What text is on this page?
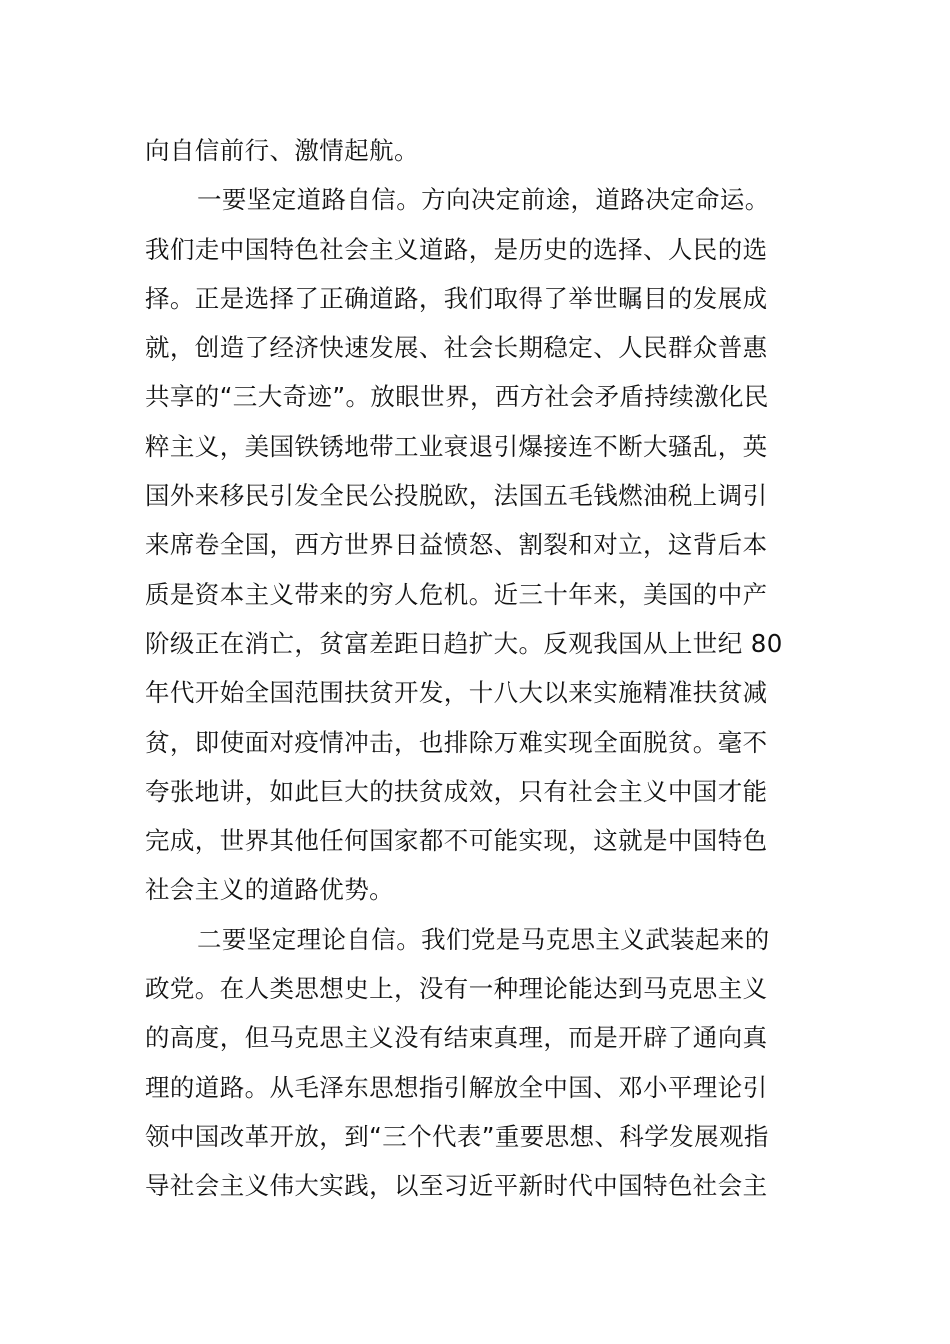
向自信前行、激情起航。
一要坚定道路自信。方向决定前途，道路决定命运。
我们走中国特色社会主义道路，是历史的选择、人民的选
择。正是选择了正确道路，我们取得了举世瞩目的发展成
就，创造了经济快速发展、社会长期稳定、人民群众普惠
共享的“三大奇迹”。放眼世界，西方社会矛盾持续激化民
粹主义，美国铁锈地带工业衰退引爆接连不断大骚乱，英
国外来移民引发全民公投脱欧，法国五毛钱燃油税上调引
来席卷全国，西方世界日益愤怒、割裂和对立，这背后本
质是资本主义带来的穷人危机。近三十年来，美国的中产
阶级正在消亡，贫富差距日趋扩大。反观我国从上世纪 80
年代开始全国范围扶贫开发，十八大以来实施精准扶贫减
贫，即使面对疫情冲击，也排除万难实现全面脱贫。毫不
夸张地讲，如此巨大的扶贫成效，只有社会主义中国才能
完成，世界其他任何国家都不可能实现，这就是中国特色
社会主义的道路优势。
二要坚定理论自信。我们党是马克思主义武装起来的
政党。在人类思想史上，没有一种理论能达到马克思主义
的高度，但马克思主义没有结束真理，而是开辟了通向真
理的道路。从毛泽东思想指引解放全中国、邓小平理论引
领中国改革开放，到“三个代表”重要思想、科学发展观指
导社会主义伟大实践，以至习近平新时代中国特色社会主
